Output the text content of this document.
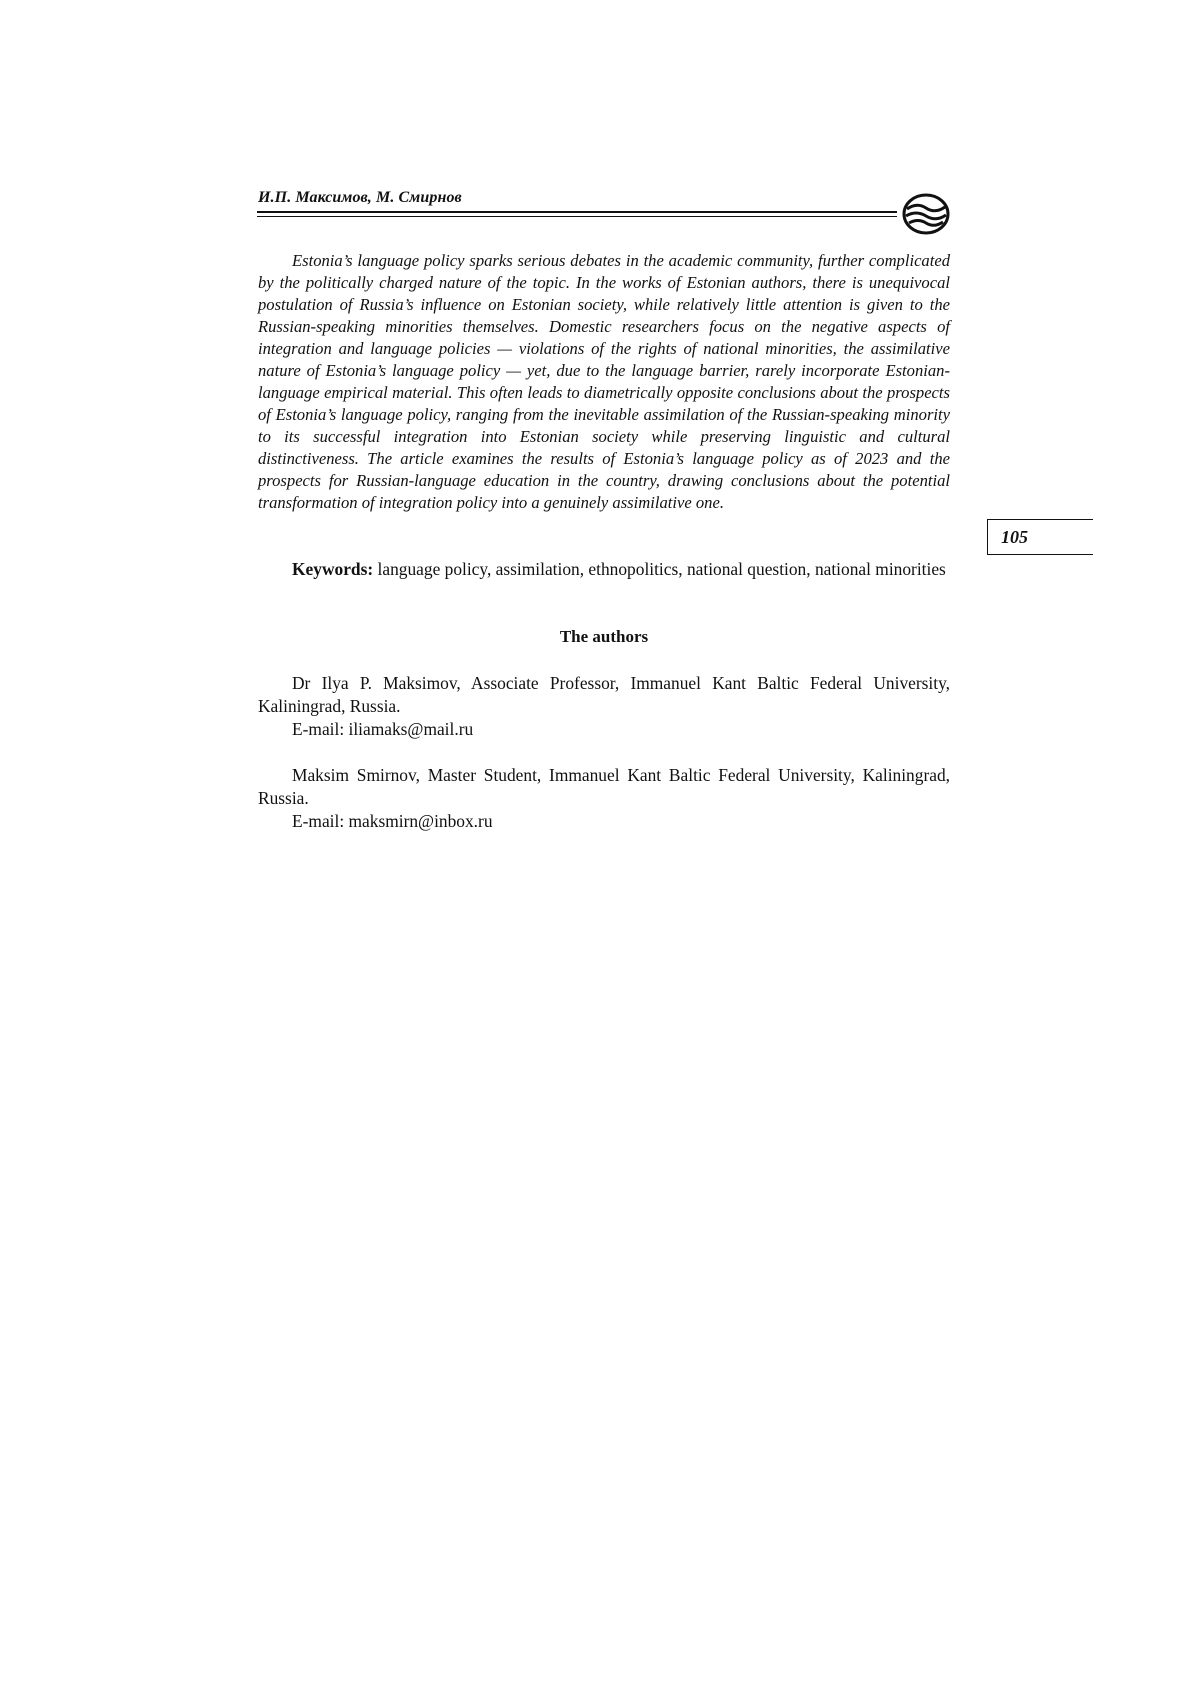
И.П. Максимов, М. Смирнов

Estonia’s language policy sparks serious debates in the academic community, further complicated by the politically charged nature of the topic. In the works of Estonian authors, there is unequivocal postulation of Russia’s influence on Estonian society, while relatively little attention is given to the Russian-speaking minorities themselves. Domestic researchers focus on the negative aspects of integration and language policies — violations of the rights of national minorities, the assimilative nature of Estonia’s language policy — yet, due to the language barrier, rarely incorporate Estonian-language empirical material. This often leads to diametrically opposite conclusions about the prospects of Estonia’s language policy, ranging from the inevitable assimilation of the Russian-speaking minority to its successful integration into Estonian society while preserving linguistic and cultural distinctiveness. The article examines the results of Estonia’s language policy as of 2023 and the prospects for Russian-language education in the country, drawing conclusions about the potential transformation of integration policy into a genuinely assimilative one.

105

Keywords: language policy, assimilation, ethnopolitics, national question, national minorities

The authors

Dr Ilya P. Maksimov, Associate Professor, Immanuel Kant Baltic Federal University, Kaliningrad, Russia.

E-mail: iliamaks@mail.ru

Maksim Smirnov, Master Student, Immanuel Kant Baltic Federal University, Kaliningrad, Russia.

E-mail: maksmirn@inbox.ru
